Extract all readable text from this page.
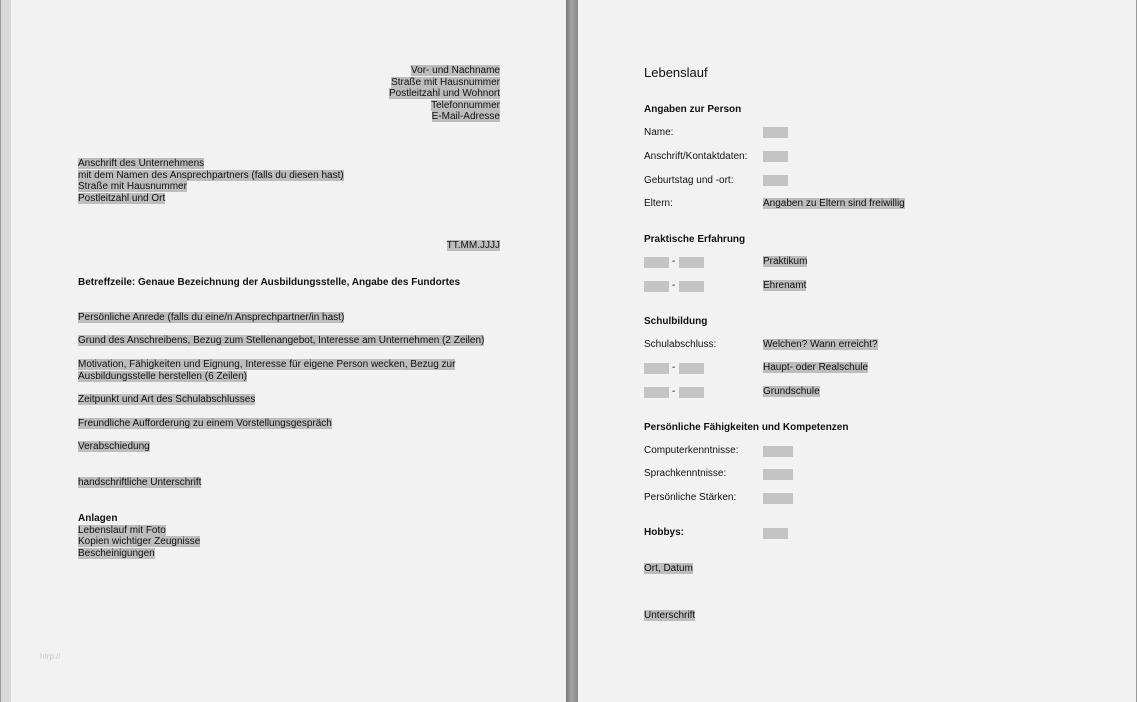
Vor- und Nachname
Straße mit Hausnummer
Postleitzahl und Wohnort
Telefonnummer
E-Mail-Adresse
Anschrift des Unternehmens
mit dem Namen des Ansprechpartners (falls du diesen hast)
Straße mit Hausnummer
Postleitzahl und Ort
TT.MM.JJJJ
Betreffzeile: Genaue Bezeichnung der Ausbildungsstelle, Angabe des Fundortes
Persönliche Anrede (falls du eine/n Ansprechpartner/in hast)
Grund des Anschreibens, Bezug zum Stellenangebot, Interesse am Unternehmen (2 Zeilen)
Motivation, Fähigkeiten und Eignung, Interesse für eigene Person wecken, Bezug zur
Ausbildungsstelle herstellen (6 Zeilen)
Zeitpunkt und Art des Schulabschlusses
Freundliche Aufforderung zu einem Vorstellungsgespräch
Verabschiedung
handschriftliche Unterschrift
Anlagen
Lebenslauf mit Foto
Kopien wichtiger Zeugnisse
Bescheinigungen
htrp://
Lebenslauf
Angaben zur Person
Name:
Anschrift/Kontaktdaten:
Geburtstag und -ort:
Eltern:	Angaben zu Eltern sind freiwillig
Praktische Erfahrung
-	Praktikum
-	Ehrenamt
Schulbildung
Schulabschluss:	Welchen? Wann erreicht?
-	Haupt- oder Realschule
-	Grundschule
Persönliche Fähigkeiten und Kompetenzen
Computerkenntnisse:
Sprachkenntnisse:
Persönliche Stärken:
Hobbys:
Ort, Datum
Unterschrift
